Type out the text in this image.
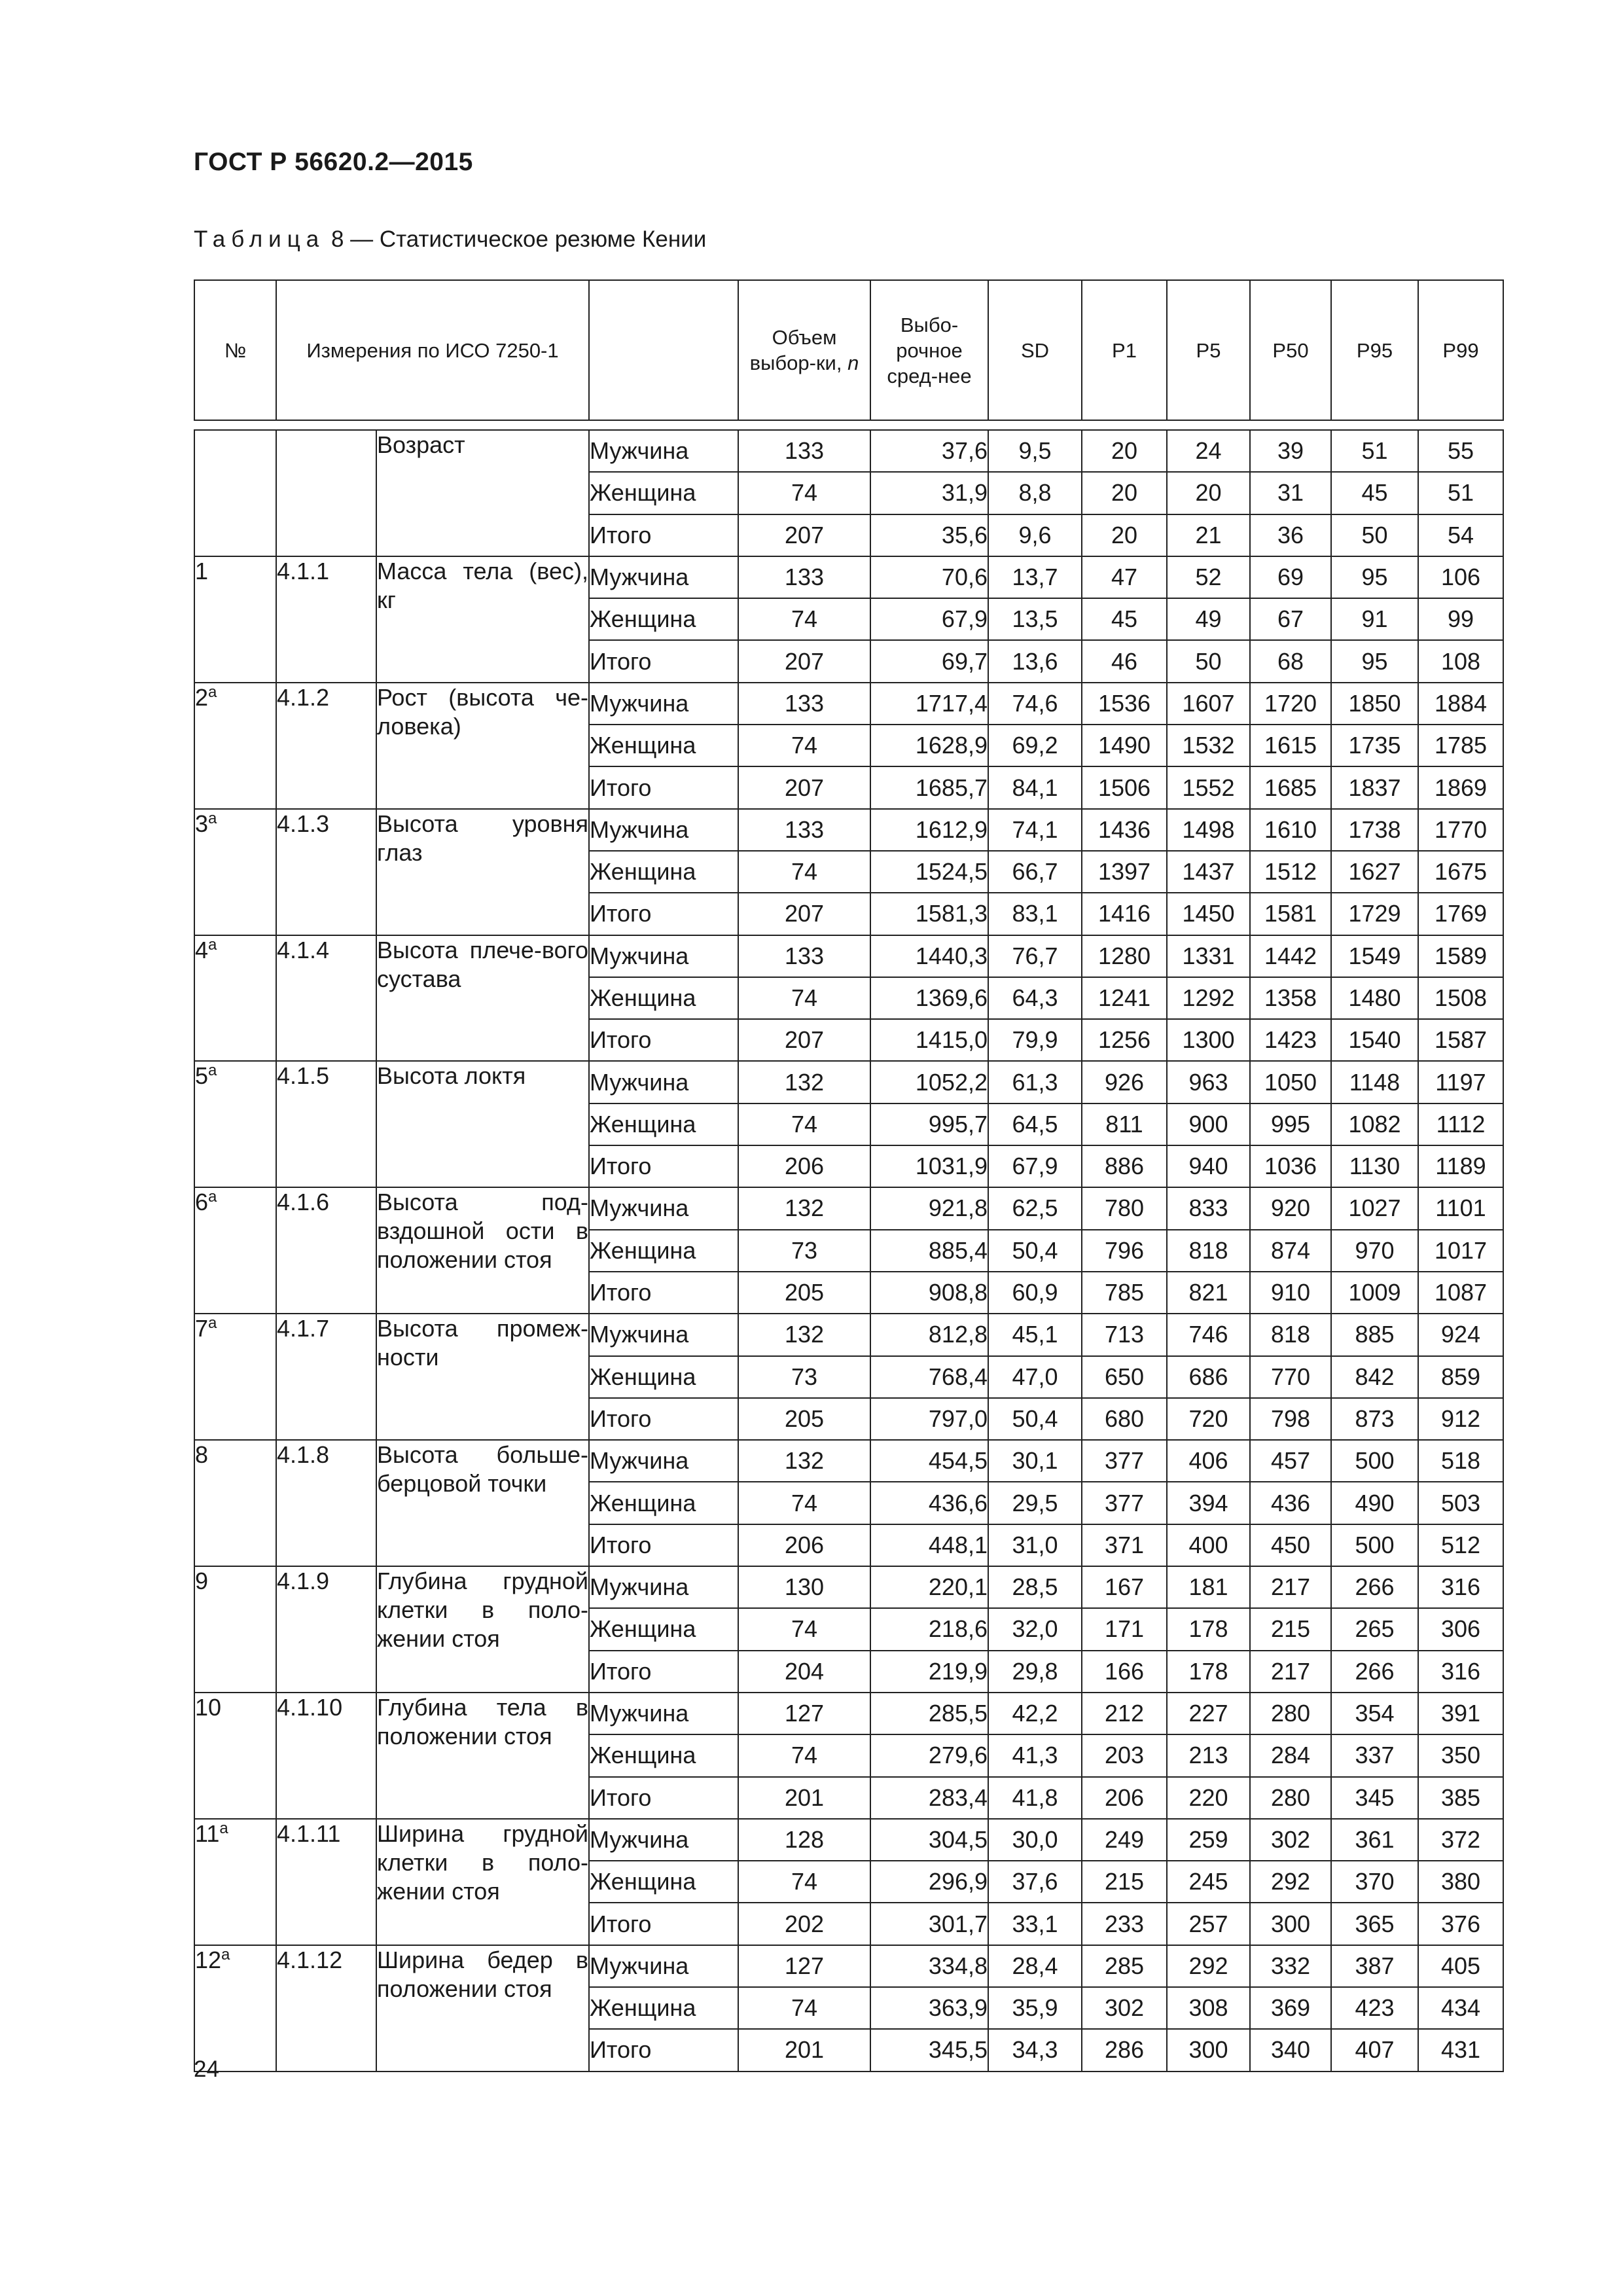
ГОСТ Р 56620.2—2015

Таблица 8 — Статистическое резюме Кении

№	Измерения по ИСО 7250-1			Объем выбор-ки, n	Выбо-рочное сред-нее	SD	P1	P5	P50	P95	P99

		Возраст	Мужчина	133	37,6	9,5	20	24	39	51	55
			Женщина	74	31,9	8,8	20	20	31	45	51
			Итого	207	35,6	9,6	20	21	36	50	54
1	4.1.1	Масса тела (вес), кг	Мужчина	133	70,6	13,7	47	52	69	95	106
			Женщина	74	67,9	13,5	45	49	67	91	99
			Итого	207	69,7	13,6	46	50	68	95	108
2$^a$	4.1.2	Рост (высота че-ловека)	Мужчина	133	1717,4	74,6	1536	1607	1720	1850	1884
			Женщина	74	1628,9	69,2	1490	1532	1615	1735	1785
			Итого	207	1685,7	84,1	1506	1552	1685	1837	1869
3$^a$	4.1.3	Высота уровня глаз	Мужчина	133	1612,9	74,1	1436	1498	1610	1738	1770
			Женщина	74	1524,5	66,7	1397	1437	1512	1627	1675
			Итого	207	1581,3	83,1	1416	1450	1581	1729	1769
4$^a$	4.1.4	Высота плече-вого сустава	Мужчина	133	1440,3	76,7	1280	1331	1442	1549	1589
			Женщина	74	1369,6	64,3	1241	1292	1358	1480	1508
			Итого	207	1415,0	79,9	1256	1300	1423	1540	1587
5$^a$	4.1.5	Высота локтя	Мужчина	132	1052,2	61,3	926	963	1050	1148	1197
			Женщина	74	995,7	64,5	811	900	995	1082	1112
			Итого	206	1031,9	67,9	886	940	1036	1130	1189
6$^a$	4.1.6	Высота под-вздошной ости в положении стоя	Мужчина	132	921,8	62,5	780	833	920	1027	1101
			Женщина	73	885,4	50,4	796	818	874	970	1017
			Итого	205	908,8	60,9	785	821	910	1009	1087
7$^a$	4.1.7	Высота промеж-ности	Мужчина	132	812,8	45,1	713	746	818	885	924
			Женщина	73	768,4	47,0	650	686	770	842	859
			Итого	205	797,0	50,4	680	720	798	873	912
8	4.1.8	Высота больше-берцовой точки	Мужчина	132	454,5	30,1	377	406	457	500	518
			Женщина	74	436,6	29,5	377	394	436	490	503
			Итого	206	448,1	31,0	371	400	450	500	512
9	4.1.9	Глубина грудной клетки в поло-жении стоя	Мужчина	130	220,1	28,5	167	181	217	266	316
			Женщина	74	218,6	32,0	171	178	215	265	306
			Итого	204	219,9	29,8	166	178	217	266	316
10	4.1.10	Глубина тела в положении стоя	Мужчина	127	285,5	42,2	212	227	280	354	391
			Женщина	74	279,6	41,3	203	213	284	337	350
			Итого	201	283,4	41,8	206	220	280	345	385
11$^a$	4.1.11	Ширина грудной клетки в поло-жении стоя	Мужчина	128	304,5	30,0	249	259	302	361	372
			Женщина	74	296,9	37,6	215	245	292	370	380
			Итого	202	301,7	33,1	233	257	300	365	376
12$^a$	4.1.12	Ширина бедер в положении стоя	Мужчина	127	334,8	28,4	285	292	332	387	405
			Женщина	74	363,9	35,9	302	308	369	423	434
			Итого	201	345,5	34,3	286	300	340	407	431

24
